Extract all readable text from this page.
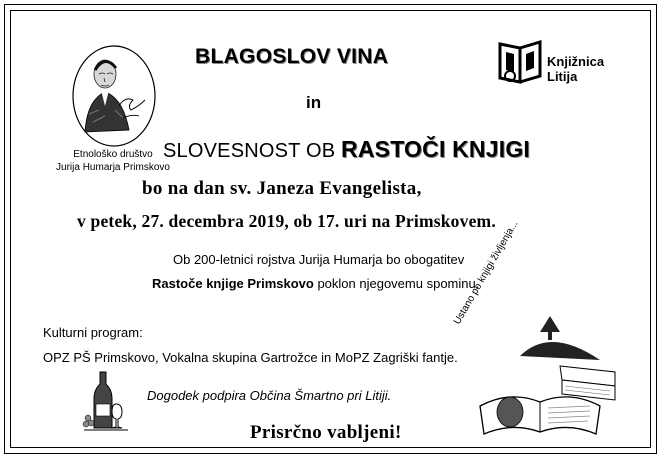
Etnološko društvo
Jurija Humarja Primskovo
Knjižnica
Litija
BLAGOSLOV VINA
in
SLOVESNOST OB RASTOČI KNJIGI
bo na dan sv. Janeza Evangelista,
v petek, 27. decembra 2019, ob 17. uri na Primskovem.
Ob 200-letnici rojstva Jurija Humarja bo obogatitev
Rastoče knjige Primskovo poklon njegovemu spominu.
Kulturni program:
OPZ PŠ Primskovo, Vokalna skupina Gartrožce in MoPZ Zagriški fantje.
Dogodek podpira Občina Šmartno pri Litiji.
Ustano po knjigi življenja...
Prisrčno vabljeni!
